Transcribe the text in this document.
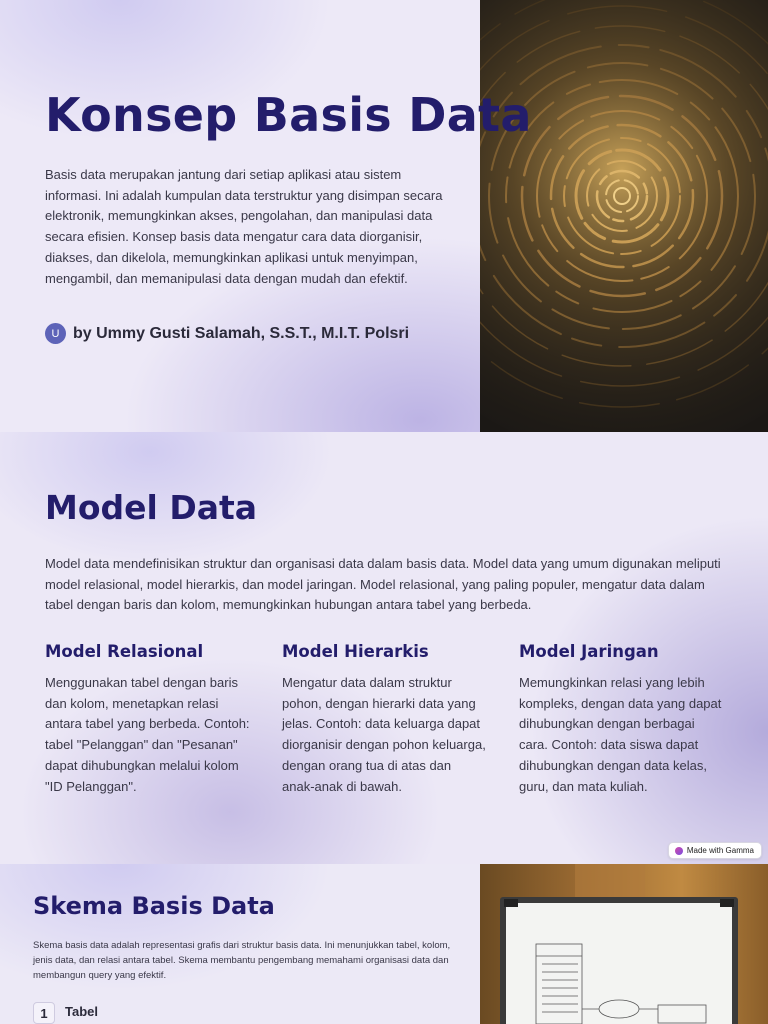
Konsep Basis Data

Basis data merupakan jantung dari setiap aplikasi atau sistem informasi. Ini adalah kumpulan data terstruktur yang disimpan secara elektronik, memungkinkan akses, pengolahan, dan manipulasi data secara efisien. Konsep basis data mengatur cara data diorganisir, diakses, dan dikelola, memungkinkan aplikasi untuk menyimpan, mengambil, dan memanipulasi data dengan mudah dan efektif.

U by Ummy Gusti Salamah, S.S.T., M.I.T. Polsri
Model Data

Model data mendefinisikan struktur dan organisasi data dalam basis data. Model data yang umum digunakan meliputi model relasional, model hierarkis, dan model jaringan. Model relasional, yang paling populer, mengatur data dalam tabel dengan baris dan kolom, memungkinkan hubungan antara tabel yang berbeda.

Model Relasional

Menggunakan tabel dengan baris dan kolom, menetapkan relasi antara tabel yang berbeda. Contoh: tabel "Pelanggan" dan "Pesanan" dapat dihubungkan melalui kolom "ID Pelanggan".

Model Hierarkis

Mengatur data dalam struktur pohon, dengan hierarki data yang jelas. Contoh: data keluarga dapat diorganisir dengan pohon keluarga, dengan orang tua di atas dan anak-anak di bawah.

Model Jaringan

Memungkinkan relasi yang lebih kompleks, dengan data yang dapat dihubungkan dengan berbagai cara. Contoh: data siswa dapat dihubungkan dengan data kelas, guru, dan mata kuliah.

Made with Gamma
Skema Basis Data

Skema basis data adalah representasi grafis dari struktur basis data. Ini menunjukkan tabel, kolom, jenis data, dan relasi antara tabel. Skema membantu pengembang memahami organisasi data dan membangun query yang efektif.

1	Tabel
